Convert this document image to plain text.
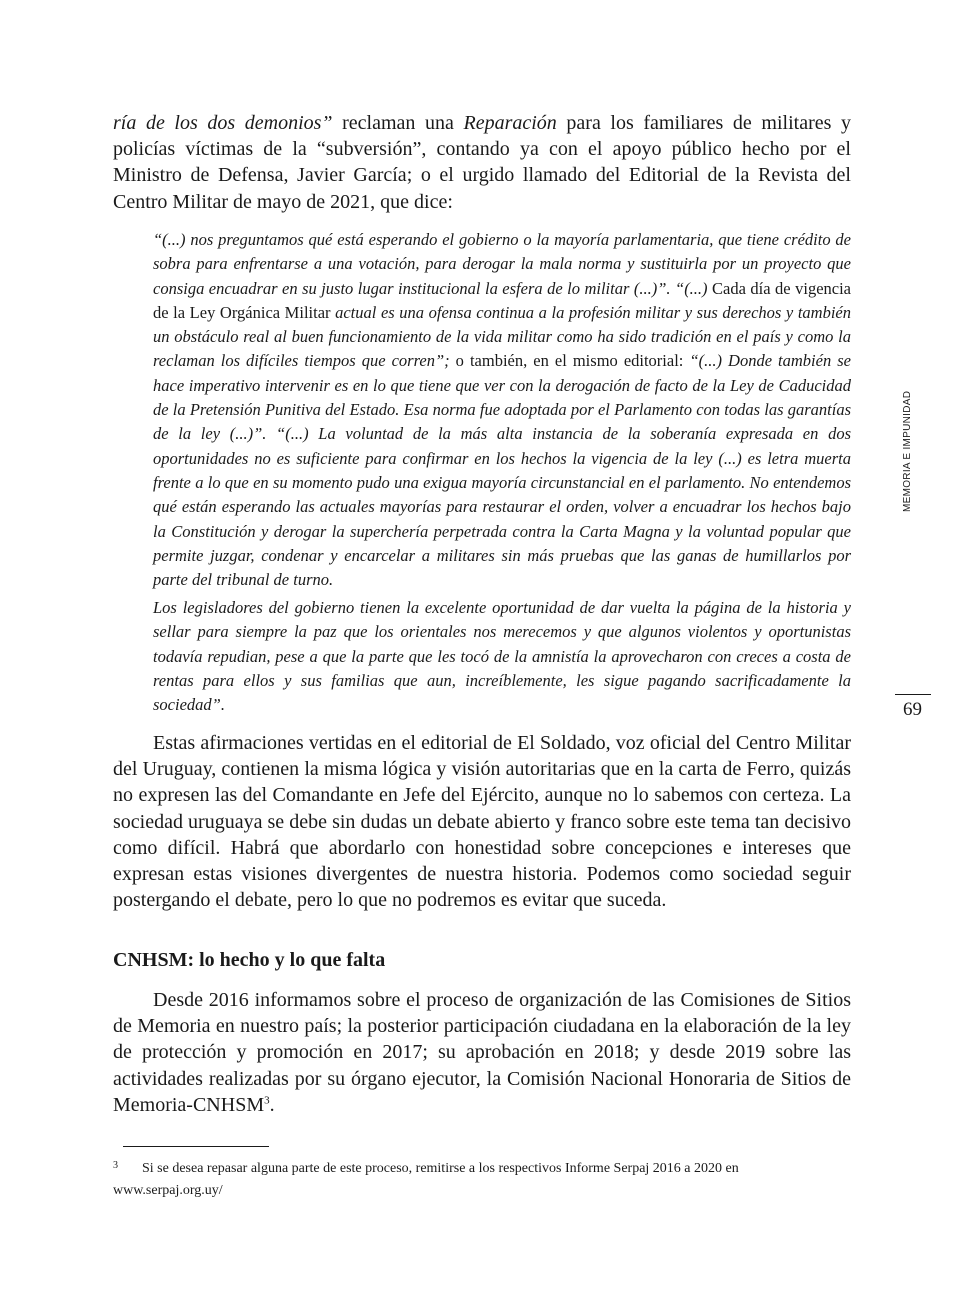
MEMORIA E IMPUNIDAD
69

ría de los dos demonios” reclaman una Reparación para los familiares de militares y policías víctimas de la “subversión”, contando ya con el apoyo público hecho por el Ministro de Defensa, Javier García; o el urgido llamado del Editorial de la Revista del Centro Militar de mayo de 2021, que dice:

“(...) nos preguntamos qué está esperando el gobierno o la mayoría parlamentaria, que tiene crédito de sobra para enfrentarse a una votación, para derogar la mala norma y sustituirla por un proyecto que consiga encuadrar en su justo lugar institucional la esfera de lo militar (...)”. “(...) Cada día de vigencia de la Ley Orgánica Militar actual es una ofensa continua a la profesión militar y sus derechos y también un obstáculo real al buen funcionamiento de la vida militar como ha sido tradición en el país y como la reclaman los difíciles tiempos que corren”; o también, en el mismo editorial: “(...) Donde también se hace imperativo intervenir es en lo que tiene que ver con la derogación de facto de la Ley de Caducidad de la Pretensión Punitiva del Estado. Esa norma fue adoptada por el Parlamento con todas las garantías de la ley (...)”. “(...) La voluntad de la más alta instancia de la soberanía expresada en dos oportunidades no es suficiente para confirmar en los hechos la vigencia de la ley (...) es letra muerta frente a lo que en su momento pudo una exigua mayoría circunstancial en el parlamento. No entendemos qué están esperando las actuales mayorías para restaurar el orden, volver a encuadrar los hechos bajo la Constitución y derogar la superchería perpetrada contra la Carta Magna y la voluntad popular que permite juzgar, condenar y encarcelar a militares sin más pruebas que las ganas de humillarlos por parte del tribunal de turno.

Los legisladores del gobierno tienen la excelente oportunidad de dar vuelta la página de la historia y sellar para siempre la paz que los orientales nos merecemos y que algunos violentos y oportunistas todavía repudian, pese a que la parte que les tocó de la amnistía la aprovecharon con creces a costa de rentas para ellos y sus familias que aun, increíblemente, les sigue pagando sacrificadamente la sociedad”.

Estas afirmaciones vertidas en el editorial de El Soldado, voz oficial del Centro Militar del Uruguay, contienen la misma lógica y visión autoritarias que en la carta de Ferro, quizás no expresen las del Comandante en Jefe del Ejército, aunque no lo sabemos con certeza. La sociedad uruguaya se debe sin dudas un debate abierto y franco sobre este tema tan decisivo como difícil. Habrá que abordarlo con honestidad sobre concepciones e intereses que expresan estas visiones divergentes de nuestra historia. Podemos como sociedad seguir postergando el debate, pero lo que no podremos es evitar que suceda.

CNHSM: lo hecho y lo que falta

Desde 2016 informamos sobre el proceso de organización de las Comisiones de Sitios de Memoria en nuestro país; la posterior participación ciudadana en la elaboración de la ley de protección y promoción en 2017; su aprobación en 2018; y desde 2019 sobre las actividades realizadas por su órgano ejecutor, la Comisión Nacional Honoraria de Sitios de Memoria-CNHSM$^3$.

3 Si se desea repasar alguna parte de este proceso, remitirse a los respectivos Informe Serpaj 2016 a 2020 en www.serpaj.org.uy/
